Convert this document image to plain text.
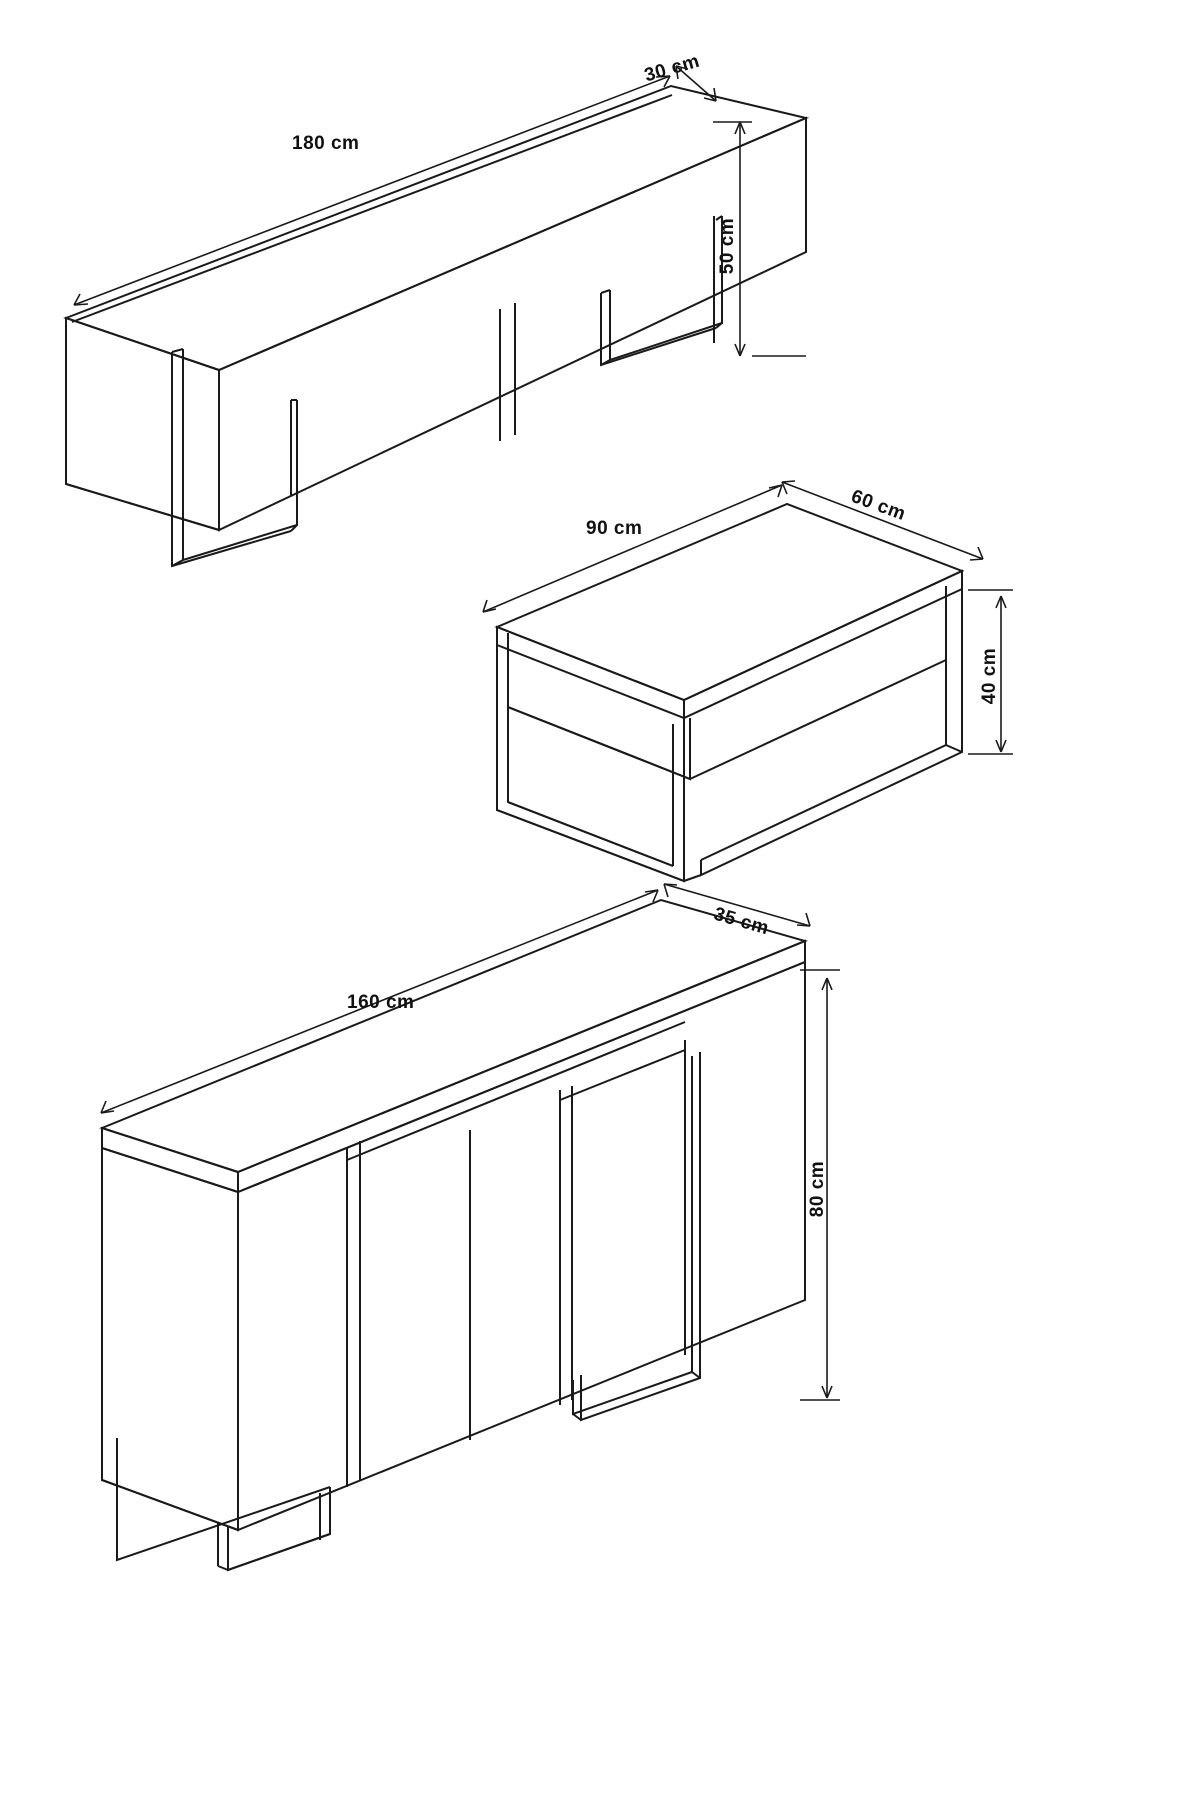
180 cm
30 cm
50 cm
90 cm
60 cm
40 cm
160 cm
35 cm
80 cm
